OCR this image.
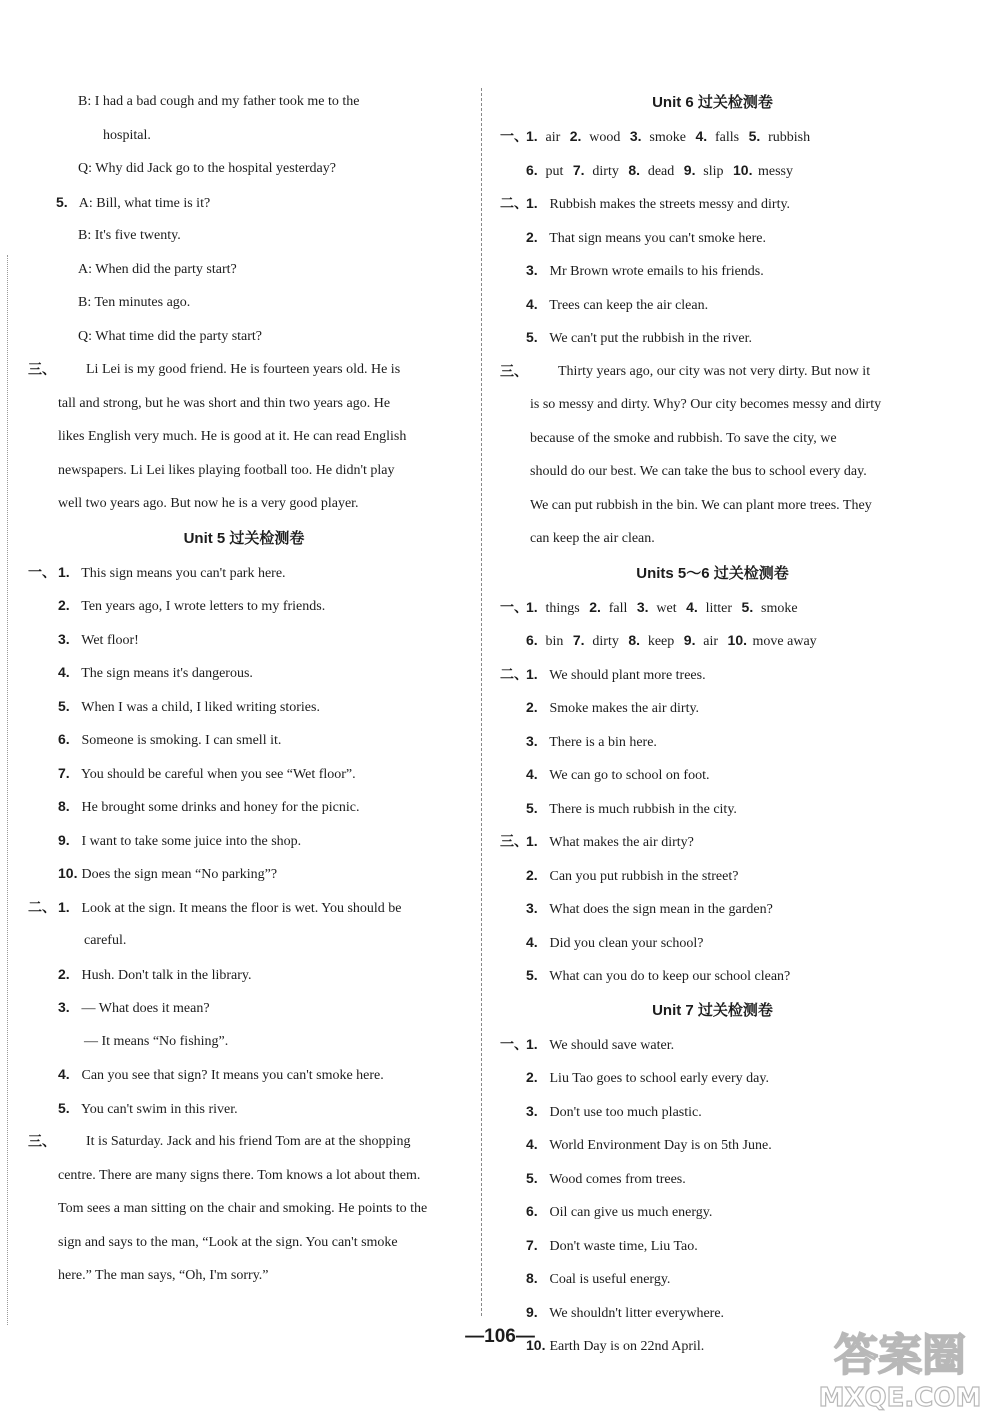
B: I had a bad cough and my father took me to the
hospital.
Q: Why did Jack go to the hospital yesterday?
5. A: Bill, what time is it?
B: It's five twenty.
A: When did the party start?
B: Ten minutes ago.
Q: What time did the party start?
三、 Li Lei is my good friend. He is fourteen years old. He is
tall and strong, but he was short and thin two years ago. He
likes English very much. He is good at it. He can read English
newspapers. Li Lei likes playing football too. He didn't play
well two years ago. But now he is a very good player.
Unit 5 过关检测卷
一、 1. This sign means you can't park here.
2. Ten years ago, I wrote letters to my friends.
3. Wet floor!
4. The sign means it's dangerous.
5. When I was a child, I liked writing stories.
6. Someone is smoking. I can smell it.
7. You should be careful when you see “Wet floor”.
8. He brought some drinks and honey for the picnic.
9. I want to take some juice into the shop.
10. Does the sign mean “No parking”?
二、 1. Look at the sign. It means the floor is wet. You should be
careful.
2. Hush. Don't talk in the library.
3. — What does it mean?
— It means “No fishing”.
4. Can you see that sign? It means you can't smoke here.
5. You can't swim in this river.
三、 It is Saturday. Jack and his friend Tom are at the shopping
centre. There are many signs there. Tom knows a lot about them.
Tom sees a man sitting on the chair and smoking. He points to the
sign and says to the man, “Look at the sign. You can't smoke
here.” The man says, “Oh, I'm sorry.”
Unit 6 过关检测卷
一、
1. air 2. wood 3. smoke 4. falls 5. rubbish
6. put 7. dirty 8. dead 9. slip 10. messy
二、
1. Rubbish makes the streets messy and dirty.
2. That sign means you can't smoke here.
3. Mr Brown wrote emails to his friends.
4. Trees can keep the air clean.
5. We can't put the rubbish in the river.
三、 Thirty years ago, our city was not very dirty. But now it
is so messy and dirty. Why? Our city becomes messy and dirty
because of the smoke and rubbish. To save the city, we
should do our best. We can take the bus to school every day.
We can put rubbish in the bin. We can plant more trees. They
can keep the air clean.
Units 5～6 过关检测卷
一、
1. things 2. fall 3. wet 4. litter 5. smoke
6. bin 7. dirty 8. keep 9. air 10. move away
二、
1. We should plant more trees.
2. Smoke makes the air dirty.
3. There is a bin here.
4. We can go to school on foot.
5. There is much rubbish in the city.
三、
1. What makes the air dirty?
2. Can you put rubbish in the street?
3. What does the sign mean in the garden?
4. Did you clean your school?
5. What can you do to keep our school clean?
Unit 7 过关检测卷
一、
1. We should save water.
2. Liu Tao goes to school early every day.
3. Don't use too much plastic.
4. World Environment Day is on 5th June.
5. Wood comes from trees.
6. Oil can give us much energy.
7. Don't waste time, Liu Tao.
8. Coal is useful energy.
9. We shouldn't litter everywhere.
10. Earth Day is on 22nd April.
—106—	答案圈
MXQE.COM
